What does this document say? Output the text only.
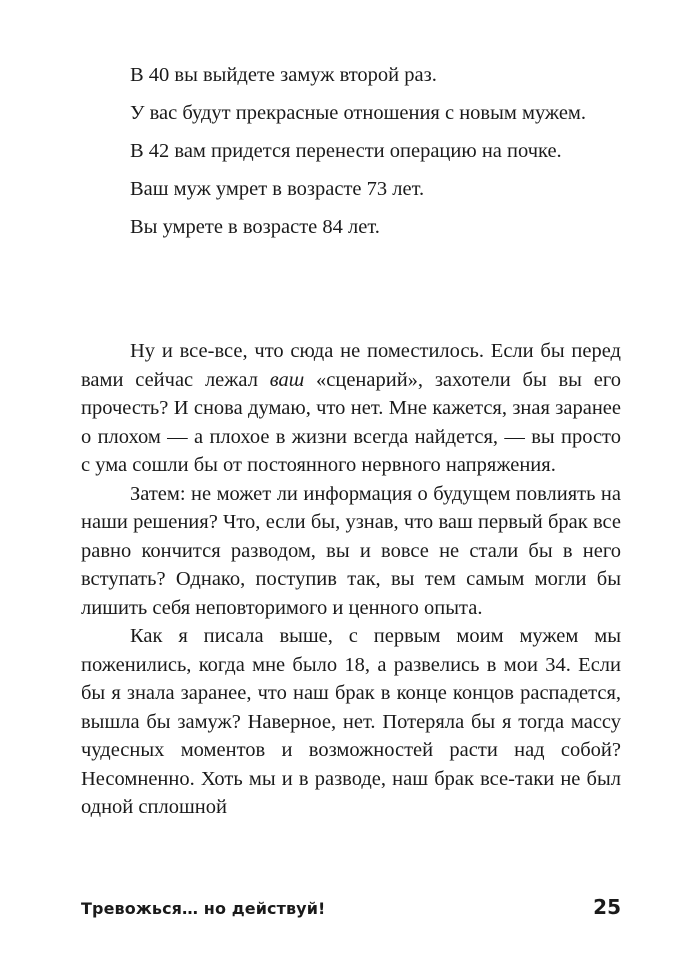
В 40 вы выйдете замуж второй раз.

У вас будут прекрасные отношения с новым мужем.

В 42 вам придется перенести операцию на почке.

Ваш муж умрет в возрасте 73 лет.

Вы умрете в возрасте 84 лет.

Ну и все-все, что сюда не поместилось. Если бы перед вами сейчас лежал ваш «сценарий», захотели бы вы его прочесть? И снова думаю, что нет. Мне кажется, зная заранее о плохом — а плохое в жизни всегда найдется, — вы просто с ума сошли бы от постоянного нервного напряжения.

Затем: не может ли информация о будущем повлиять на наши решения? Что, если бы, узнав, что ваш первый брак все равно кончится разводом, вы и вовсе не стали бы в него вступать? Однако, поступив так, вы тем самым могли бы лишить себя неповторимого и ценного опыта.

Как я писала выше, с первым моим мужем мы поженились, когда мне было 18, а развелись в мои 34. Если бы я знала заранее, что наш брак в конце концов распадется, вышла бы замуж? Наверное, нет. Потеряла бы я тогда массу чудесных моментов и возможностей расти над собой? Несомненно. Хоть мы и в разводе, наш брак все-таки не был одной сплошной

Тревожься… но действуй!	25
